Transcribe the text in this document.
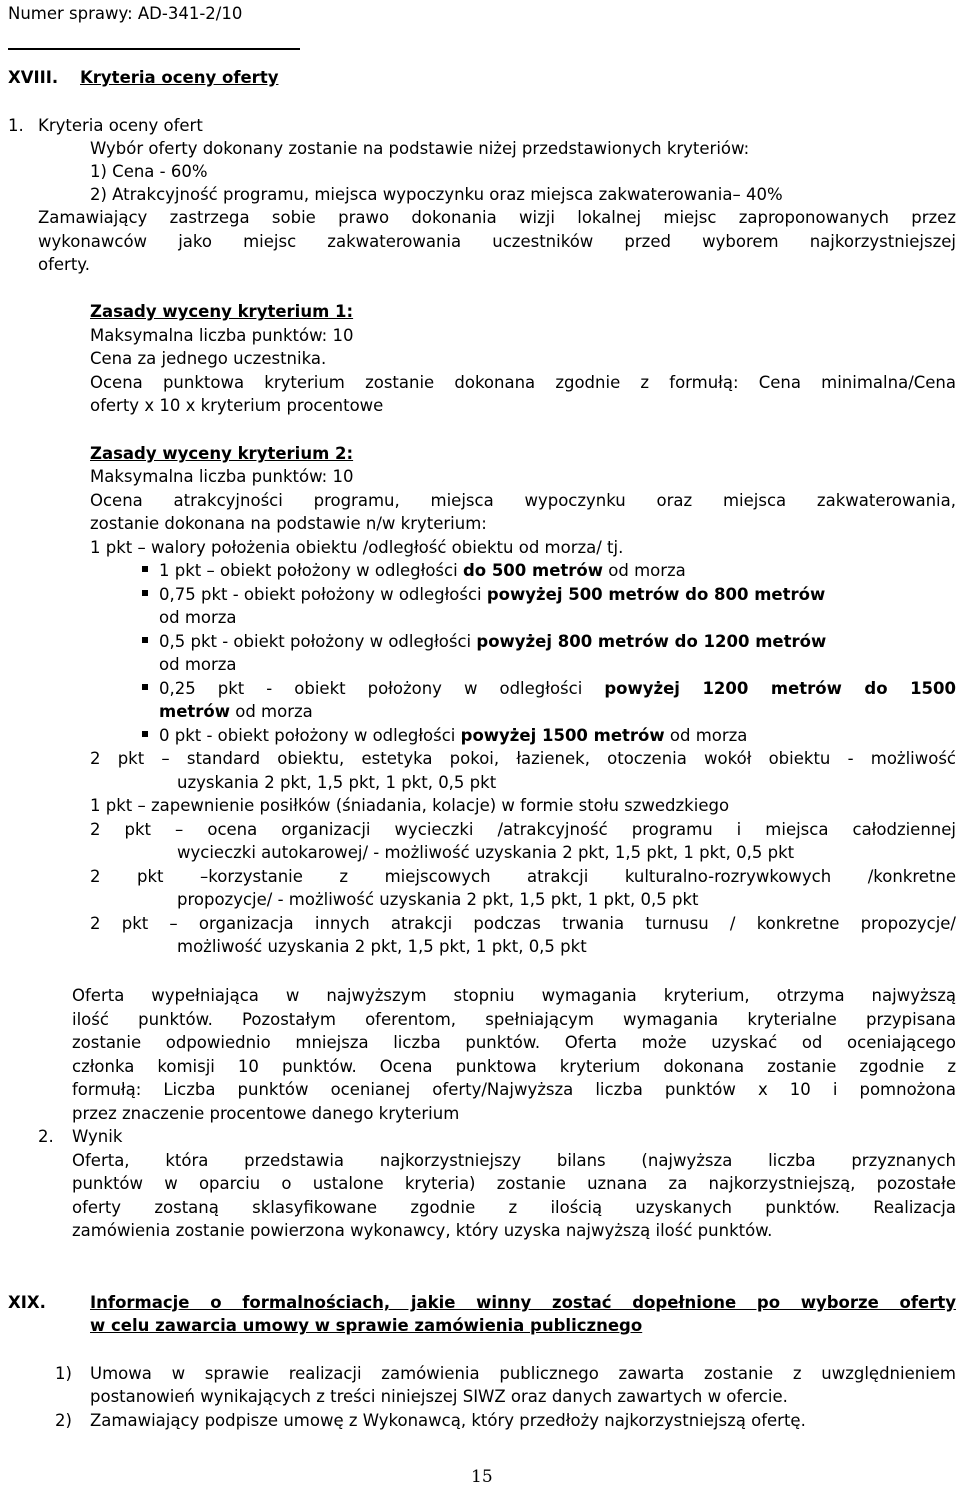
Numer sprawy: AD-341-2/10
XVIII. Kryteria oceny oferty
1. Kryteria oceny ofert
Wybór oferty dokonany zostanie na podstawie niżej przedstawionych kryteriów:
1) Cena - 60%
2) Atrakcyjność programu, miejsca wypoczynku oraz miejsca zakwaterowania– 40%
Zamawiający zastrzega sobie prawo dokonania wizji lokalnej miejsc zaproponowanych przez
wykonawców jako miejsc zakwaterowania uczestników przed wyborem najkorzystniejszej
oferty.
Zasady wyceny kryterium 1:
Maksymalna liczba punktów: 10
Cena za jednego uczestnika.
Ocena punktowa kryterium zostanie dokonana zgodnie z formułą: Cena minimalna/Cena
oferty x 10 x kryterium procentowe
Zasady wyceny kryterium 2:
Maksymalna liczba punktów: 10
Ocena atrakcyjności programu, miejsca wypoczynku oraz miejsca zakwaterowania,
zostanie dokonana na podstawie n/w kryterium:
1 pkt – walory położenia obiektu /odległość obiektu od morza/ tj.
1 pkt – obiekt położony w odległości do 500 metrów od morza
0,75 pkt - obiekt położony w odległości powyżej 500 metrów do 800 metrów
od morza
0,5 pkt - obiekt położony w odległości powyżej 800 metrów do 1200 metrów
od morza
0,25 pkt - obiekt położony w odległości powyżej 1200 metrów do 1500
metrów od morza
0 pkt - obiekt położony w odległości powyżej 1500 metrów od morza
2 pkt – standard obiektu, estetyka pokoi, łazienek, otoczenia wokół obiektu - możliwość
uzyskania 2 pkt, 1,5 pkt, 1 pkt, 0,5 pkt
1 pkt – zapewnienie posiłków (śniadania, kolacje) w formie stołu szwedzkiego
2 pkt – ocena organizacji wycieczki /atrakcyjność programu i miejsca całodziennej
wycieczki autokarowej/ - możliwość uzyskania 2 pkt, 1,5 pkt, 1 pkt, 0,5 pkt
2 pkt –korzystanie z miejscowych atrakcji kulturalno-rozrywkowych /konkretne
propozycje/ - możliwość uzyskania 2 pkt, 1,5 pkt, 1 pkt, 0,5 pkt
2 pkt – organizacja innych atrakcji podczas trwania turnusu / konkretne propozycje/
możliwość uzyskania 2 pkt, 1,5 pkt, 1 pkt, 0,5 pkt
Oferta wypełniająca w najwyższym stopniu wymagania kryterium, otrzyma najwyższą
ilość punktów. Pozostałym oferentom, spełniającym wymagania kryterialne przypisana
zostanie odpowiednio mniejsza liczba punktów. Oferta może uzyskać od oceniającego
członka komisji 10 punktów. Ocena punktowa kryterium dokonana zostanie zgodnie z
formułą: Liczba punktów ocenianej oferty/Najwyższa liczba punktów x 10 i pomnożona
przez znaczenie procentowe danego kryterium
2. Wynik
Oferta, która przedstawia najkorzystniejszy bilans (najwyższa liczba przyznanych
punktów w oparciu o ustalone kryteria) zostanie uznana za najkorzystniejszą, pozostałe
oferty zostaną sklasyfikowane zgodnie z ilością uzyskanych punktów. Realizacja
zamówienia zostanie powierzona wykonawcy, który uzyska najwyższą ilość punktów.
XIX.	Informacje o formalnościach, jakie winny zostać dopełnione po wyborze oferty
w celu zawarcia umowy w sprawie zamówienia publicznego
1) Umowa w sprawie realizacji zamówienia publicznego zawarta zostanie z uwzględnieniem
postanowień wynikających z treści niniejszej SIWZ oraz danych zawartych w ofercie.
2) Zamawiający podpisze umowę z Wykonawcą, który przedłoży najkorzystniejszą ofertę.
15
